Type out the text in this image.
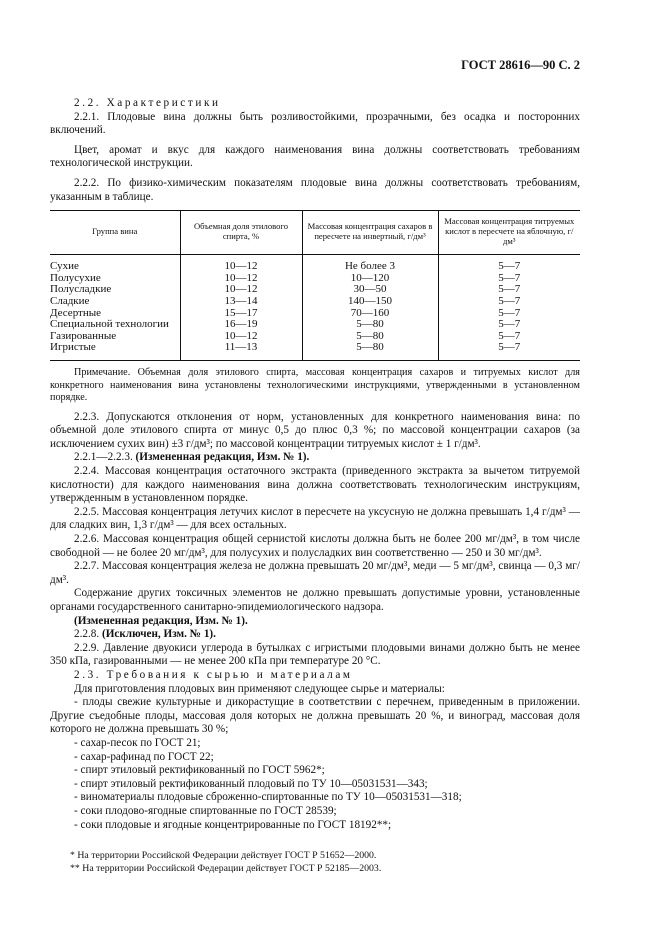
ГОСТ 28616—90 С. 2

2.2. Характеристики

2.2.1. Плодовые вина должны быть розливостойкими, прозрачными, без осадка и посторонних включений.

Цвет, аромат и вкус для каждого наименования вина должны соответствовать требованиям технологической инструкции.

2.2.2. По физико-химическим показателям плодовые вина должны соответствовать требованиям, указанным в таблице.

Группа вина	Объемная доля этилового спирта, %	Массовая концентрация сахаров в пересчете на инвертный, г/дм³	Массовая концентрация титруемых кислот в пересчете на яблочную, г/дм³
Сухие	10—12	Не более 3	5—7
Полусухие	10—12	10—120	5—7
Полусладкие	10—12	30—50	5—7
Сладкие	13—14	140—150	5—7
Десертные	15—17	70—160	5—7
Специальной технологии	16—19	5—80	5—7
Газированные	10—12	5—80	5—7
Игристые	11—13	5—80	5—7

Примечание. Объемная доля этилового спирта, массовая концентрация сахаров и титруемых кислот для конкретного наименования вина установлены технологическими инструкциями, утвержденными в установленном порядке.

2.2.3. Допускаются отклонения от норм, установленных для конкретного наименования вина: по объемной доле этилового спирта от минус 0,5 до плюс 0,3 %; по массовой концентрации сахаров (за исключением сухих вин) ±3 г/дм³; по массовой концентрации титруемых кислот ± 1 г/дм³.

2.2.1—2.2.3. (Измененная редакция, Изм. № 1).

2.2.4. Массовая концентрация остаточного экстракта (приведенного экстракта за вычетом титруемой кислотности) для каждого наименования вина должна соответствовать технологическим инструкциям, утвержденным в установленном порядке.

2.2.5. Массовая концентрация летучих кислот в пересчете на уксусную не должна превышать 1,4 г/дм³ — для сладких вин, 1,3 г/дм³ — для всех остальных.

2.2.6. Массовая концентрация общей сернистой кислоты должна быть не более 200 мг/дм³, в том числе свободной — не более 20 мг/дм³, для полусухих и полусладких вин соответственно — 250 и 30 мг/дм³.

2.2.7. Массовая концентрация железа не должна превышать 20 мг/дм³, меди — 5 мг/дм³, свинца — 0,3 мг/дм³.

Содержание других токсичных элементов не должно превышать допустимые уровни, установленные органами государственного санитарно-эпидемиологического надзора.

(Измененная редакция, Изм. № 1).

2.2.8. (Исключен, Изм. № 1).

2.2.9. Давление двуокиси углерода в бутылках с игристыми плодовыми винами должно быть не менее 350 кПа, газированными — не менее 200 кПа при температуре 20 °С.

2.3. Требования к сырью и материалам

Для приготовления плодовых вин применяют следующее сырье и материалы:

- плоды свежие культурные и дикорастущие в соответствии с перечнем, приведенным в приложении. Другие съедобные плоды, массовая доля которых не должна превышать 20 %, и виноград, массовая доля которого не должна превышать 30 %;

- сахар-песок по ГОСТ 21;

- сахар-рафинад по ГОСТ 22;

- спирт этиловый ректификованный по ГОСТ 5962*;

- спирт этиловый ректификованный плодовый по ТУ 10—05031531—343;

- виноматериалы плодовые сброженно-спиртованные по ТУ 10—05031531—318;

- соки плодово-ягодные спиртованные по ГОСТ 28539;

- соки плодовые и ягодные концентрированные по ГОСТ 18192**;

* На территории Российской Федерации действует ГОСТ Р 51652—2000.
** На территории Российской Федерации действует ГОСТ Р 52185—2003.
